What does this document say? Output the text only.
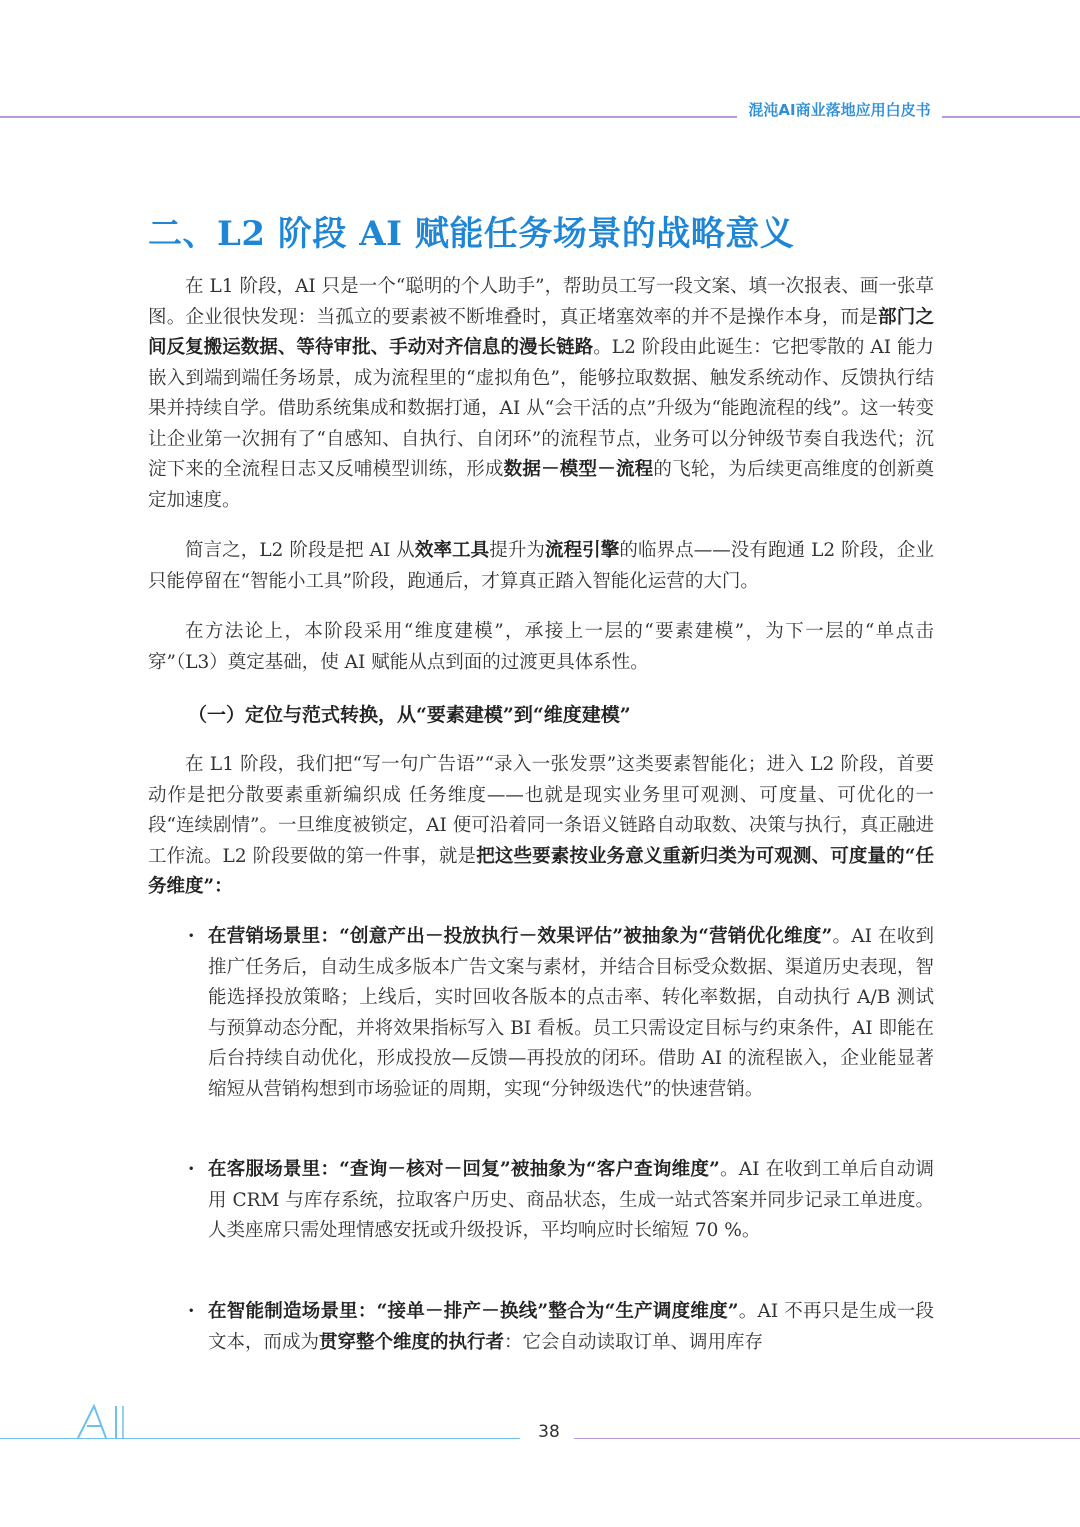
混沌AI商业落地应用白皮书
二、L2 阶段 AI 赋能任务场景的战略意义

在 L1 阶段，AI 只是一个“聪明的个人助手”，帮助员工写一段文案、填一次报表、画一张草图。企业很快发现：当孤立的要素被不断堆叠时，真正堵塞效率的并不是操作本身，而是部门之间反复搬运数据、等待审批、手动对齐信息的漫长链路。L2 阶段由此诞生：它把零散的 AI 能力嵌入到端到端任务场景，成为流程里的“虚拟角色”，能够拉取数据、触发系统动作、反馈执行结果并持续自学。借助系统集成和数据打通，AI 从“会干活的点”升级为“能跑流程的线”。这一转变让企业第一次拥有了“自感知、自执行、自闭环”的流程节点，业务可以分钟级节奏自我迭代；沉淀下来的全流程日志又反哺模型训练，形成数据－模型－流程的飞轮，为后续更高维度的创新奠定加速度。

简言之，L2 阶段是把 AI 从效率工具提升为流程引擎的临界点——没有跑通 L2 阶段，企业只能停留在“智能小工具”阶段，跑通后，才算真正踏入智能化运营的大门。

在方法论上，本阶段采用“维度建模”，承接上一层的“要素建模”，为下一层的“单点击穿”（L3）奠定基础，使 AI 赋能从点到面的过渡更具体系性。

（一）定位与范式转换，从“要素建模”到“维度建模”

在 L1 阶段，我们把“写一句广告语”“录入一张发票”这类要素智能化；进入 L2 阶段，首要动作是把分散要素重新编织成 任务维度——也就是现实业务里可观测、可度量、可优化的一段“连续剧情”。一旦维度被锁定，AI 便可沿着同一条语义链路自动取数、决策与执行，真正融进工作流。L2 阶段要做的第一件事，就是把这些要素按业务意义重新归类为可观测、可度量的“任务维度”：

· 在营销场景里：“创意产出－投放执行－效果评估”被抽象为“营销优化维度”。AI 在收到推广任务后，自动生成多版本广告文案与素材，并结合目标受众数据、渠道历史表现，智能选择投放策略；上线后，实时回收各版本的点击率、转化率数据，自动执行 A/B 测试与预算动态分配，并将效果指标写入 BI 看板。员工只需设定目标与约束条件，AI 即能在后台持续自动优化，形成投放—反馈—再投放的闭环。借助 AI 的流程嵌入，企业能显著缩短从营销构想到市场验证的周期，实现“分钟级迭代”的快速营销。
· 在客服场景里：“查询－核对－回复”被抽象为“客户查询维度”。AI 在收到工单后自动调用 CRM 与库存系统，拉取客户历史、商品状态，生成一站式答案并同步记录工单进度。人类座席只需处理情感安抚或升级投诉，平均响应时长缩短 70 %。
· 在智能制造场景里：“接单－排产－换线”整合为“生产调度维度”。AI 不再只是生成一段文本，而成为贯穿整个维度的执行者：它会自动读取订单、调用库存
38
